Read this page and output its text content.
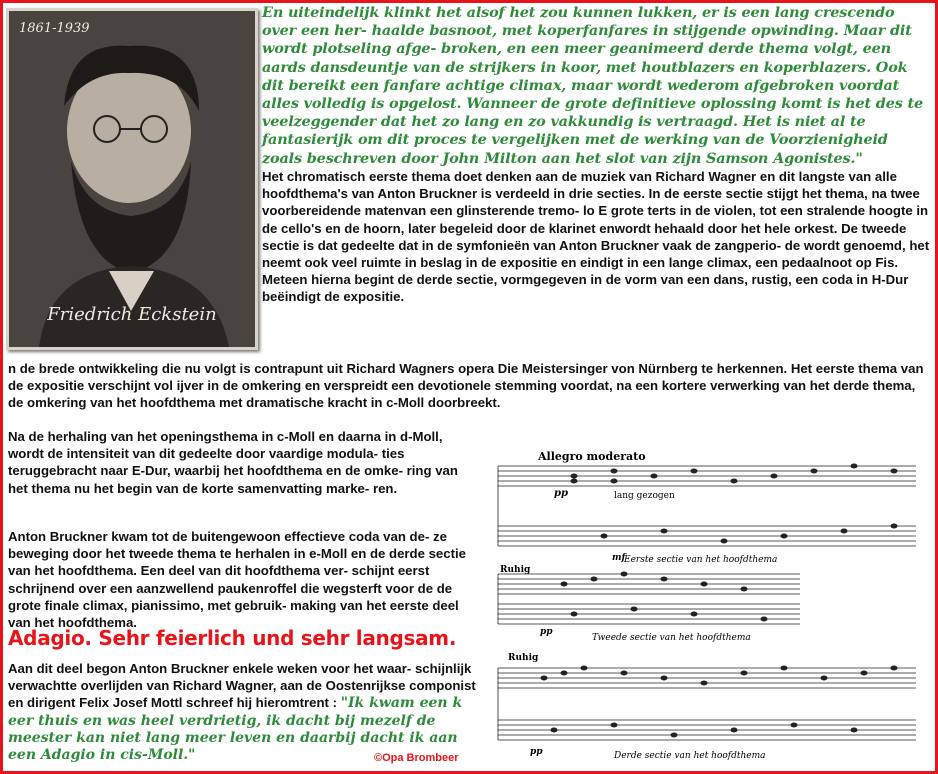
1861-1939
Friedrich Eckstein
En uiteindelijk klinkt het alsof het zou kunnen lukken, er is een lang crescendo over een her- haalde basnoot, met koperfanfares in stijgende opwinding. Maar dit wordt plotseling afge- broken, en een meer geanimeerd derde thema volgt, een aards dansdeuntje van de strijkers in koor, met houtblazers en koperblazers. Ook dit bereikt een fanfare achtige climax, maar wordt wederom afgebroken voordat alles volledig is opgelost. Wanneer de grote definitieve oplossing komt is het des te veelzeggender dat het zo lang en zo vakkundig is vertraagd. Het is niet al te fantasierijk om dit proces te vergelijken met de werking van de Voorzienigheid zoals beschreven door John Milton aan het slot van zijn Samson Agonistes."

Het chromatisch eerste thema doet denken aan de muziek van Richard Wagner en dit langste van alle hoofdthema's van Anton Bruckner is verdeeld in drie secties. In de eerste sectie stijgt het thema, na twee voorbereidende matenvan een glinsterende tremo- lo E grote terts in de violen, tot een stralende hoogte in de cello's en de hoorn, later begeleid door de klarinet enwordt hehaald door het hele orkest. De tweede sectie is dat gedeelte dat in de symfonieën van Anton Bruckner vaak de zangperio- de wordt genoemd, het neemt ook veel ruimte in beslag in de expositie en eindigt in een lange climax, een pedaalnoot op Fis. Meteen hierna begint de derde sectie, vormgegeven in de vorm van een dans, rustig, een coda in H-Dur beëindigt de expositie.

n de brede ontwikkeling die nu volgt is contrapunt uit Richard Wagners opera Die Meistersinger von Nürnberg te herkennen. Het eerste thema van de expositie verschijnt vol ijver in de omkering en verspreidt een devotionele stemming voordat, na een kortere verwerking van het derde thema, de omkering van het hoofdthema met dramatische kracht in c-Moll doorbreekt.

Na de herhaling van het openingsthema in c-Moll en daarna in d-Moll, wordt de intensiteit van dit gedeelte door vaardige modula- ties teruggebracht naar E-Dur, waarbij het hoofdthema en de omke- ring van het thema nu het begin van de korte samenvatting marke- ren.

Anton Bruckner kwam tot de buitengewoon effectieve coda van de- ze beweging door het tweede thema te herhalen in e-Moll en de derde sectie van het hoofdthema. Een deel van dit hoofdthema ver- schijnt eerst schrijnend over een aanzwellend paukenroffel die wegsterft voor de de grote finale climax, pianissimo, met gebruik- making van het eerste deel van het hoofdthema.

Adagio. Sehr feierlich und sehr langsam.

Aan dit deel begon Anton Bruckner enkele weken voor het waar- schijnlijk verwachtte overlijden van Richard Wagner, aan de Oostenrijkse componist en dirigent Felix Josef Mottl schreef hij hieromtrent : "Ik kwam een k eer thuis en was heel verdrietig, ik dacht bij mezelf de meester kan niet lang meer leven en daarbij dacht ik aan een Adagio in cis-Moll."	©Opa Brombeer
Allegro moderato
pp	lang gezogen
mf
Eerste sectie van het hoofdthema
Ruhig
pp
Tweede sectie van het hoofdthema
Ruhig
pp	Derde sectie van het hoofdthema
